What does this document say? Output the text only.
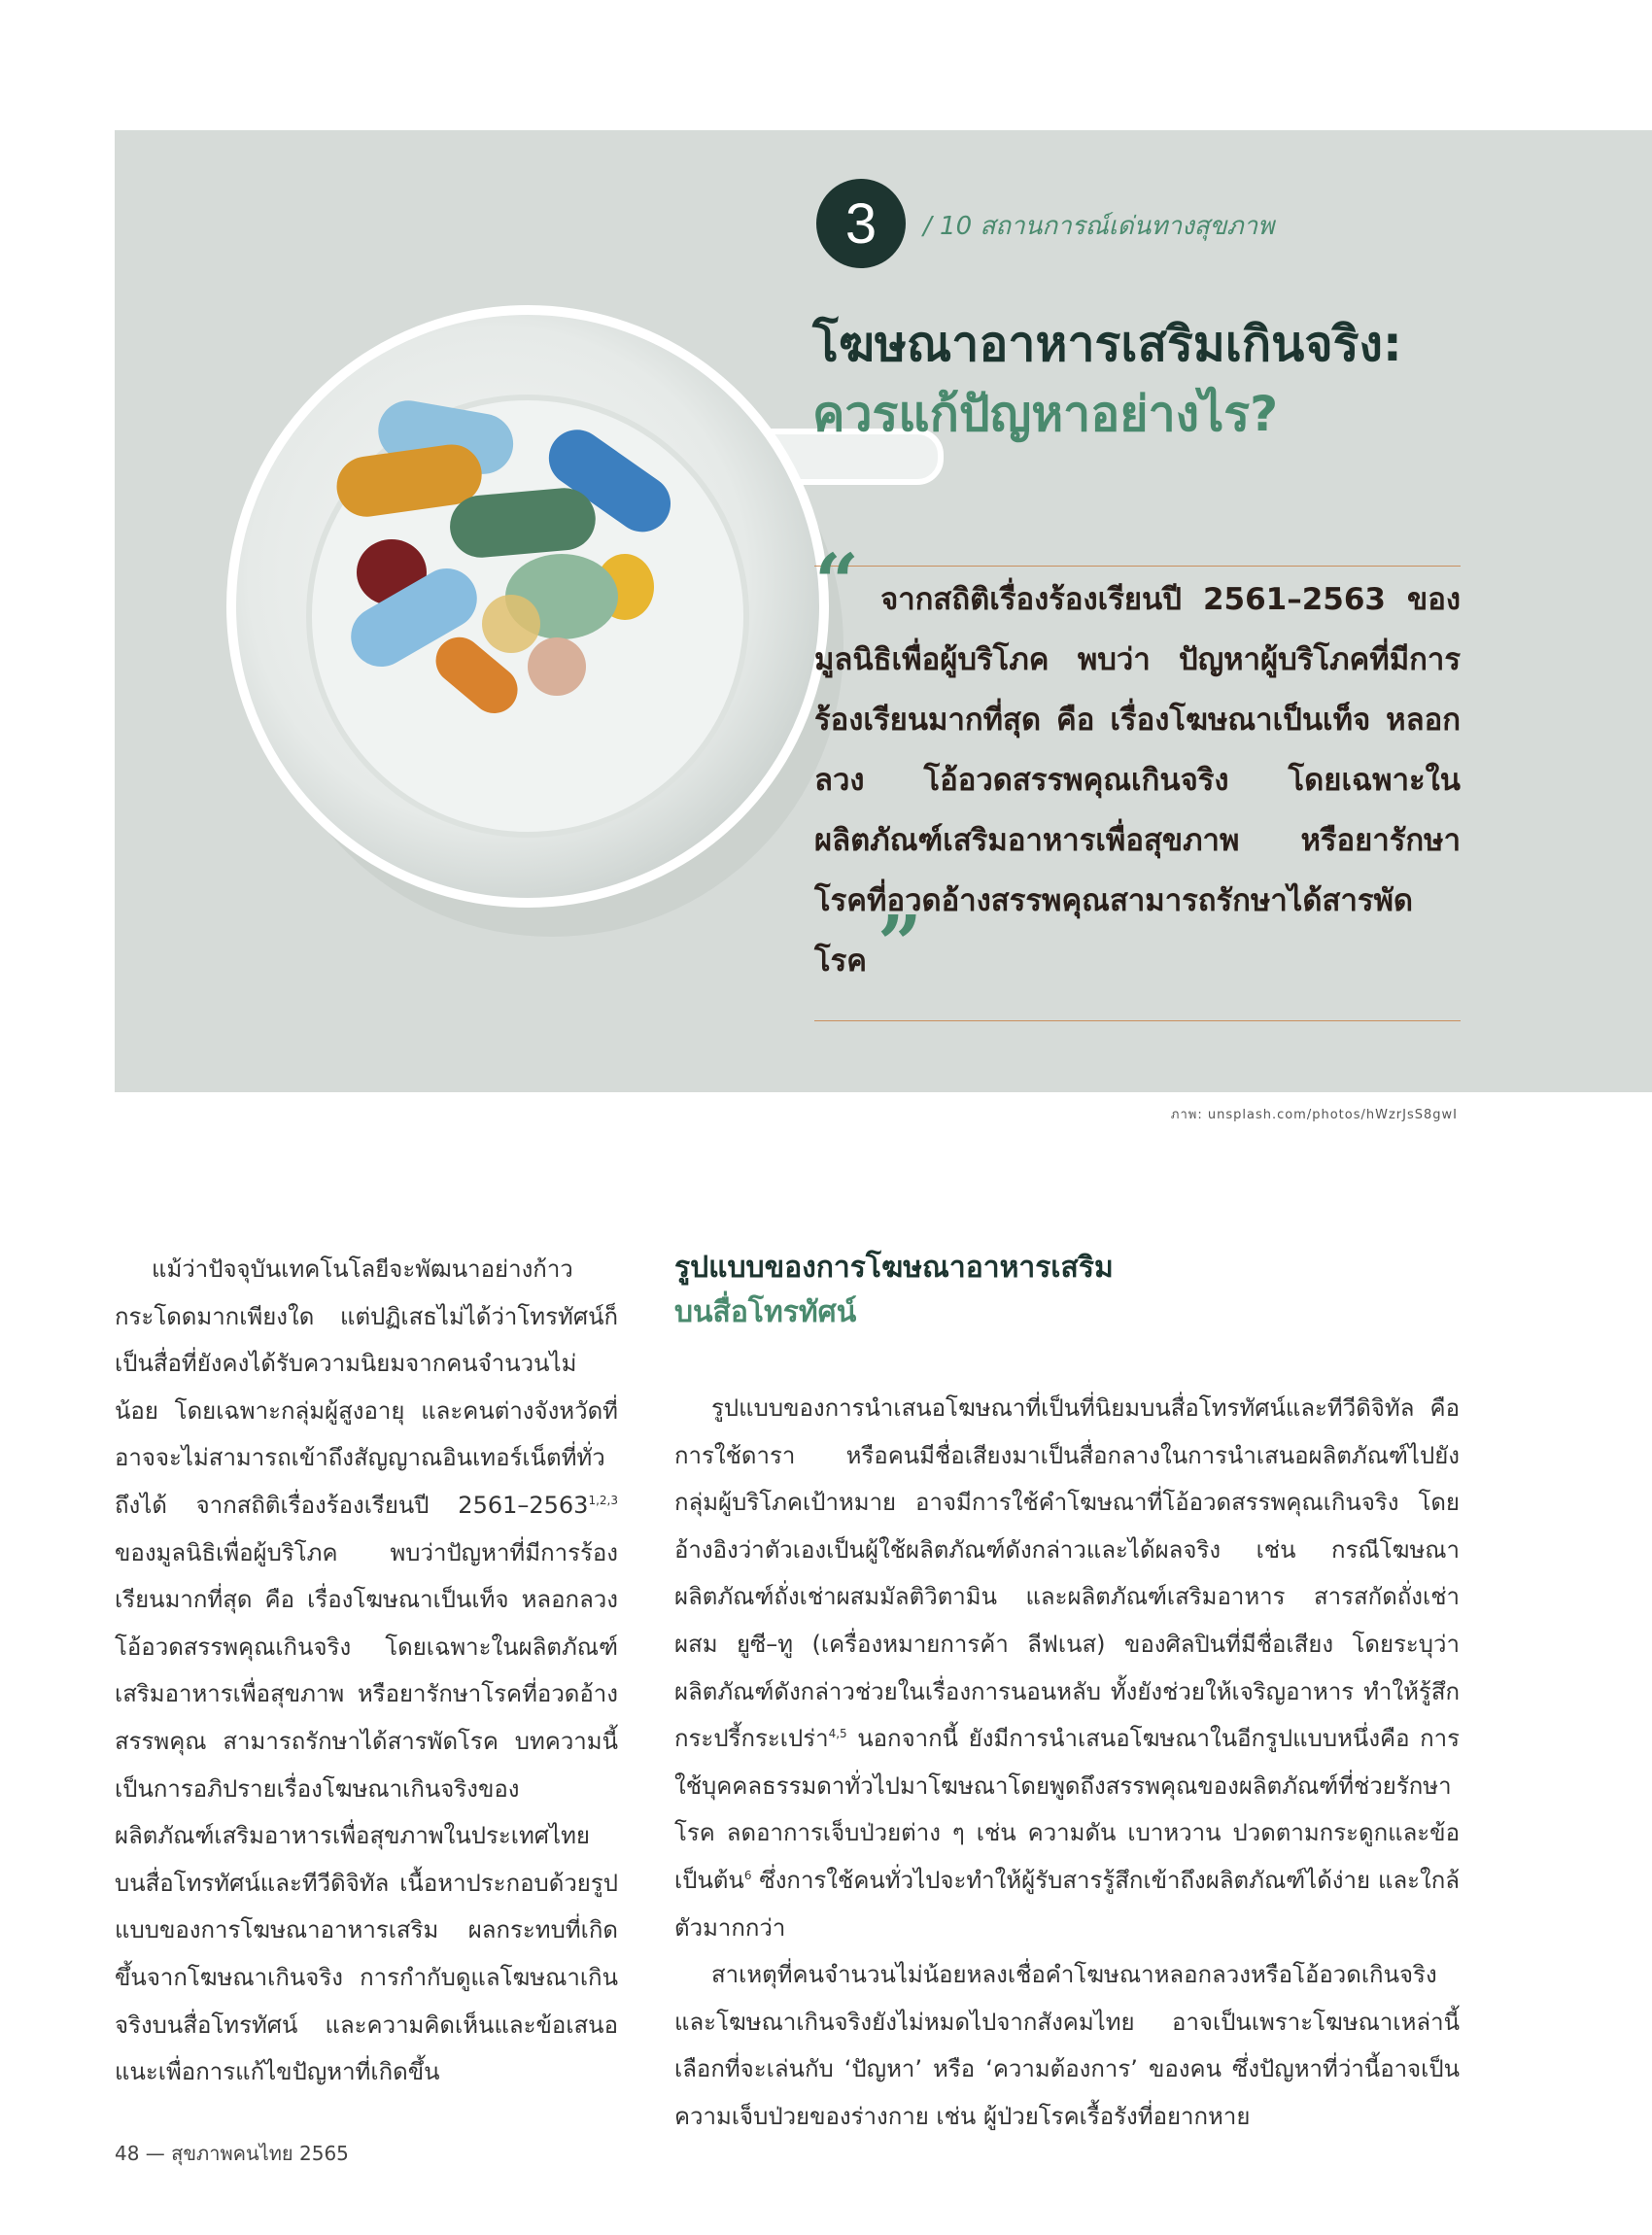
3 / 10 สถานการณ์เด่นทางสุขภาพ
โฆษณาอาหารเสริมเกินจริง:
ควรแก้ปัญหาอย่างไร?
“ จากสถิติเรื่องร้องเรียนปี 2561–2563 ของมูลนิธิเพื่อผู้บริโภค พบว่า ปัญหาผู้บริโภคที่มีการร้องเรียนมากที่สุด คือ เรื่องโฆษณาเป็นเท็จ หลอกลวง โอ้อวดสรรพคุณเกินจริง โดยเฉพาะในผลิตภัณฑ์เสริมอาหารเพื่อสุขภาพ หรือยารักษาโรคที่อวดอ้างสรรพคุณสามารถรักษาได้สารพัดโรค ”
ภาพ: unsplash.com/photos/hWzrJsS8gwI

แม้ว่าปัจจุบันเทคโนโลยีจะพัฒนาอย่างก้าวกระโดดมากเพียงใด แต่ปฏิเสธไม่ได้ว่าโทรทัศน์ก็เป็นสื่อที่ยังคงได้รับความนิยมจากคนจำนวนไม่น้อย โดยเฉพาะกลุ่มผู้สูงอายุ และคนต่างจังหวัดที่อาจจะไม่สามารถเข้าถึงสัญญาณอินเทอร์เน็ตที่ทั่วถึงได้ จากสถิติเรื่องร้องเรียนปี 2561–2563$^{1,2,3}$ ของมูลนิธิเพื่อผู้บริโภค พบว่าปัญหาที่มีการร้องเรียนมากที่สุด คือ เรื่องโฆษณาเป็นเท็จ หลอกลวง โอ้อวดสรรพคุณเกินจริง โดยเฉพาะในผลิตภัณฑ์เสริมอาหารเพื่อสุขภาพ หรือยารักษาโรคที่อวดอ้างสรรพคุณ สามารถรักษาได้สารพัดโรค บทความนี้เป็นการอภิปรายเรื่องโฆษณาเกินจริงของผลิตภัณฑ์เสริมอาหารเพื่อสุขภาพในประเทศไทยบนสื่อโทรทัศน์และทีวีดิจิทัล เนื้อหาประกอบด้วยรูปแบบของการโฆษณาอาหารเสริม ผลกระทบที่เกิดขึ้นจากโฆษณาเกินจริง การกำกับดูแลโฆษณาเกินจริงบนสื่อโทรทัศน์ และความคิดเห็นและข้อเสนอแนะเพื่อการแก้ไขปัญหาที่เกิดขึ้น

รูปแบบของการโฆษณาอาหารเสริม
บนสื่อโทรทัศน์

รูปแบบของการนำเสนอโฆษณาที่เป็นที่นิยมบนสื่อโทรทัศน์และทีวีดิจิทัล คือ การใช้ดารา หรือคนมีชื่อเสียงมาเป็นสื่อกลางในการนำเสนอผลิตภัณฑ์ไปยังกลุ่มผู้บริโภคเป้าหมาย อาจมีการใช้คำโฆษณาที่โอ้อวดสรรพคุณเกินจริง โดยอ้างอิงว่าตัวเองเป็นผู้ใช้ผลิตภัณฑ์ดังกล่าวและได้ผลจริง เช่น กรณีโฆษณาผลิตภัณฑ์ถั่งเช่าผสมมัลติวิตามิน และผลิตภัณฑ์เสริมอาหาร สารสกัดถั่งเช่า ผสม ยูซี–ทู (เครื่องหมายการค้า ลีฟเนส) ของศิลปินที่มีชื่อเสียง โดยระบุว่าผลิตภัณฑ์ดังกล่าวช่วยในเรื่องการนอนหลับ ทั้งยังช่วยให้เจริญอาหาร ทำให้รู้สึกกระปรี้กระเปร่า$^{4,5}$ นอกจากนี้ ยังมีการนำเสนอโฆษณาในอีกรูปแบบหนึ่งคือ การใช้บุคคลธรรมดาทั่วไปมาโฆษณาโดยพูดถึงสรรพคุณของผลิตภัณฑ์ที่ช่วยรักษาโรค ลดอาการเจ็บป่วยต่าง ๆ เช่น ความดัน เบาหวาน ปวดตามกระดูกและข้อ เป็นต้น$^6$ ซึ่งการใช้คนทั่วไปจะทำให้ผู้รับสารรู้สึกเข้าถึงผลิตภัณฑ์ได้ง่าย และใกล้ตัวมากกว่า

สาเหตุที่คนจำนวนไม่น้อยหลงเชื่อคำโฆษณาหลอกลวงหรือโอ้อวดเกินจริงและโฆษณาเกินจริงยังไม่หมดไปจากสังคมไทย อาจเป็นเพราะโฆษณาเหล่านี้เลือกที่จะเล่นกับ ‘ปัญหา’ หรือ ‘ความต้องการ’ ของคน ซึ่งปัญหาที่ว่านี้อาจเป็นความเจ็บป่วยของร่างกาย เช่น ผู้ป่วยโรคเรื้อรังที่อยากหาย

48 — สุขภาพคนไทย 2565
